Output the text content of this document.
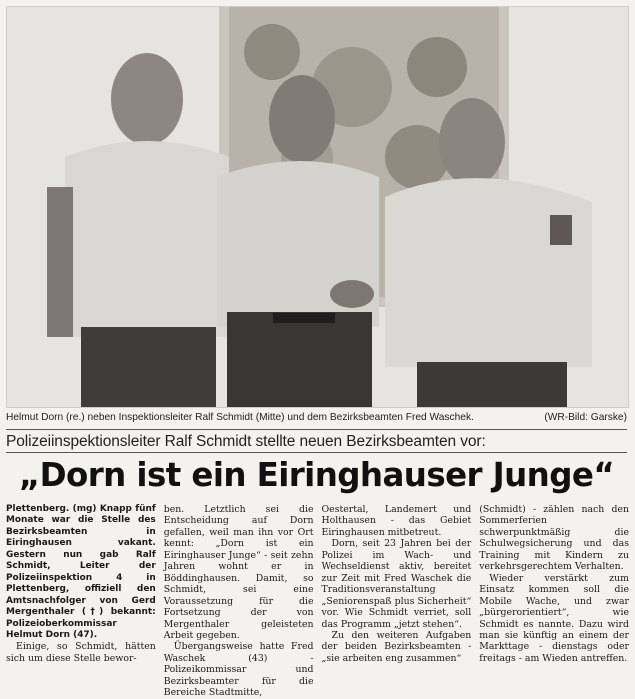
Helmut Dorn (re.) neben Inspektionsleiter Ralf Schmidt (Mitte) und dem Bezirksbeamten Fred Waschek.	(WR-Bild: Garske)
Polizeiinspektionsleiter Ralf Schmidt stellte neuen Bezirksbeamten vor:
„Dorn ist ein Eiringhauser Junge“

Plettenberg. (mg) Knapp fünf Monate war die Stelle des Bezirksbeamten in Eiringhausen vakant. Gestern nun gab Ralf Schmidt, Leiter der Polizeiinspektion 4 in Plettenberg, offiziell den Amtsnachfolger von Gerd Mergenthaler (†) bekannt: Polizeioberkommissar Helmut Dorn (47).

Einige, so Schmidt, hätten sich um diese Stelle bewor-

ben. Letztlich sei die Entscheidung auf Dorn gefallen, weil man ihn vor Ort kennt: „Dorn ist ein Eiringhauser Junge“ - seit zehn Jahren wohnt er in Böddinghausen. Damit, so Schmidt, sei eine Voraussetzung für die Fortsetzung der von Mergenthaler geleisteten Arbeit gegeben.

Übergangsweise hatte Fred Waschek (43) - Polizeikommissar und Bezirksbeamter für die Bereiche Stadtmitte,

Oestertal, Landemert und Holthausen - das Gebiet Eiringhausen mitbetreut.

Dorn, seit 23 Jahren bei der Polizei im Wach- und Wechseldienst aktiv, bereitet zur Zeit mit Fred Waschek die Traditionsveranstaltung „Seniorenspaß plus Sicherheit“ vor. Wie Schmidt verriet, soll das Programm „jetzt stehen“.

Zu den weiteren Aufgaben der beiden Bezirksbeamten - „sie arbeiten eng zusammen“

(Schmidt) - zählen nach den Sommerferien schwerpunktmäßig die Schulwegsicherung und das Training mit Kindern zu verkehrsgerechtem Verhalten.

Wieder verstärkt zum Einsatz kommen soll die Mobile Wache, und zwar „bürgerorientiert“, wie Schmidt es nannte. Dazu wird man sie künftig an einem der Markttage - dienstags oder freitags - am Wieden antreffen.
